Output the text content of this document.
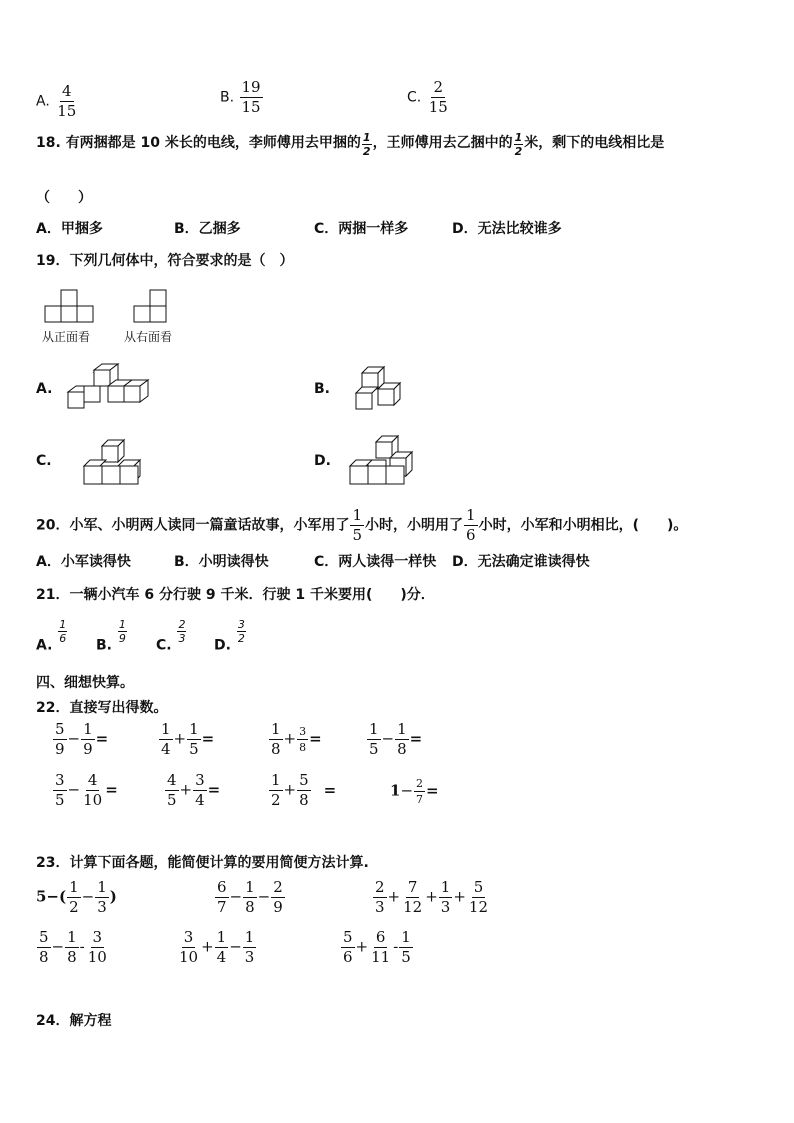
A. $\frac{4}{15}$	B. $\frac{19}{15}$	C. $\frac{2}{15}$
18. 有两捆都是 10 米长的电线，李师傅用去甲捆的 $\frac{1}{2}$ ，王师傅用去乙捆中的 $\frac{1}{2}$ 米，剩下的电线相比是
（　　）
A．甲捆多	B．乙捆多	C．两捆一样多	D．无法比较谁多
19．下列几何体中，符合要求的是（　）
从正面看	从右面看
A.	B.
C.	D.
20．小军、小明两人读同一篇童话故事，小军用了 $\frac{1}{5}$ 小时，小明用了 $\frac{1}{6}$ 小时，小军和小明相比，(　　)。
A．小军读得快	B．小明读得快	C．两人读得一样快 D．无法确定谁读得快
21．一辆小汽车 6 分行驶 9 千米．行驶 1 千米要用(　　)分．
A.
$\frac{1}{6}$
B.
$\frac{1}{9}$
C.
$\frac{2}{3}$
D.
$\frac{3}{2}$
四、细想快算。
22．直接写出得数。
$\frac{5}{9} - \frac{1}{9}$ =	$\frac{1}{4} + \frac{1}{5}$ =	$\frac{1}{8} + \frac{3}{8}$ =	$\frac{1}{5} - \frac{1}{8}$ =
$\frac{3}{5} - \frac{4}{10}$ =	$\frac{4}{5} + \frac{3}{4}$ =	$\frac{1}{2} + \frac{5}{8}$ =	$1- \frac{2}{7}$ =
23．计算下面各题，能简便计算的要用简便方法计算.
$5-( \frac{1}{2} - \frac{1}{3}$ )	$\frac{6}{7} - \frac{1}{8} - \frac{2}{9}$	$\frac{2}{3} + \frac{7}{12} + \frac{1}{3} + \frac{5}{12}$
$\frac{5}{8} - \frac{1}{8} - \frac{3}{10}$	$\frac{3}{10} + \frac{1}{4} - \frac{1}{3}$	$\frac{5}{6} + \frac{6}{11} - \frac{1}{5}$
24．解方程
